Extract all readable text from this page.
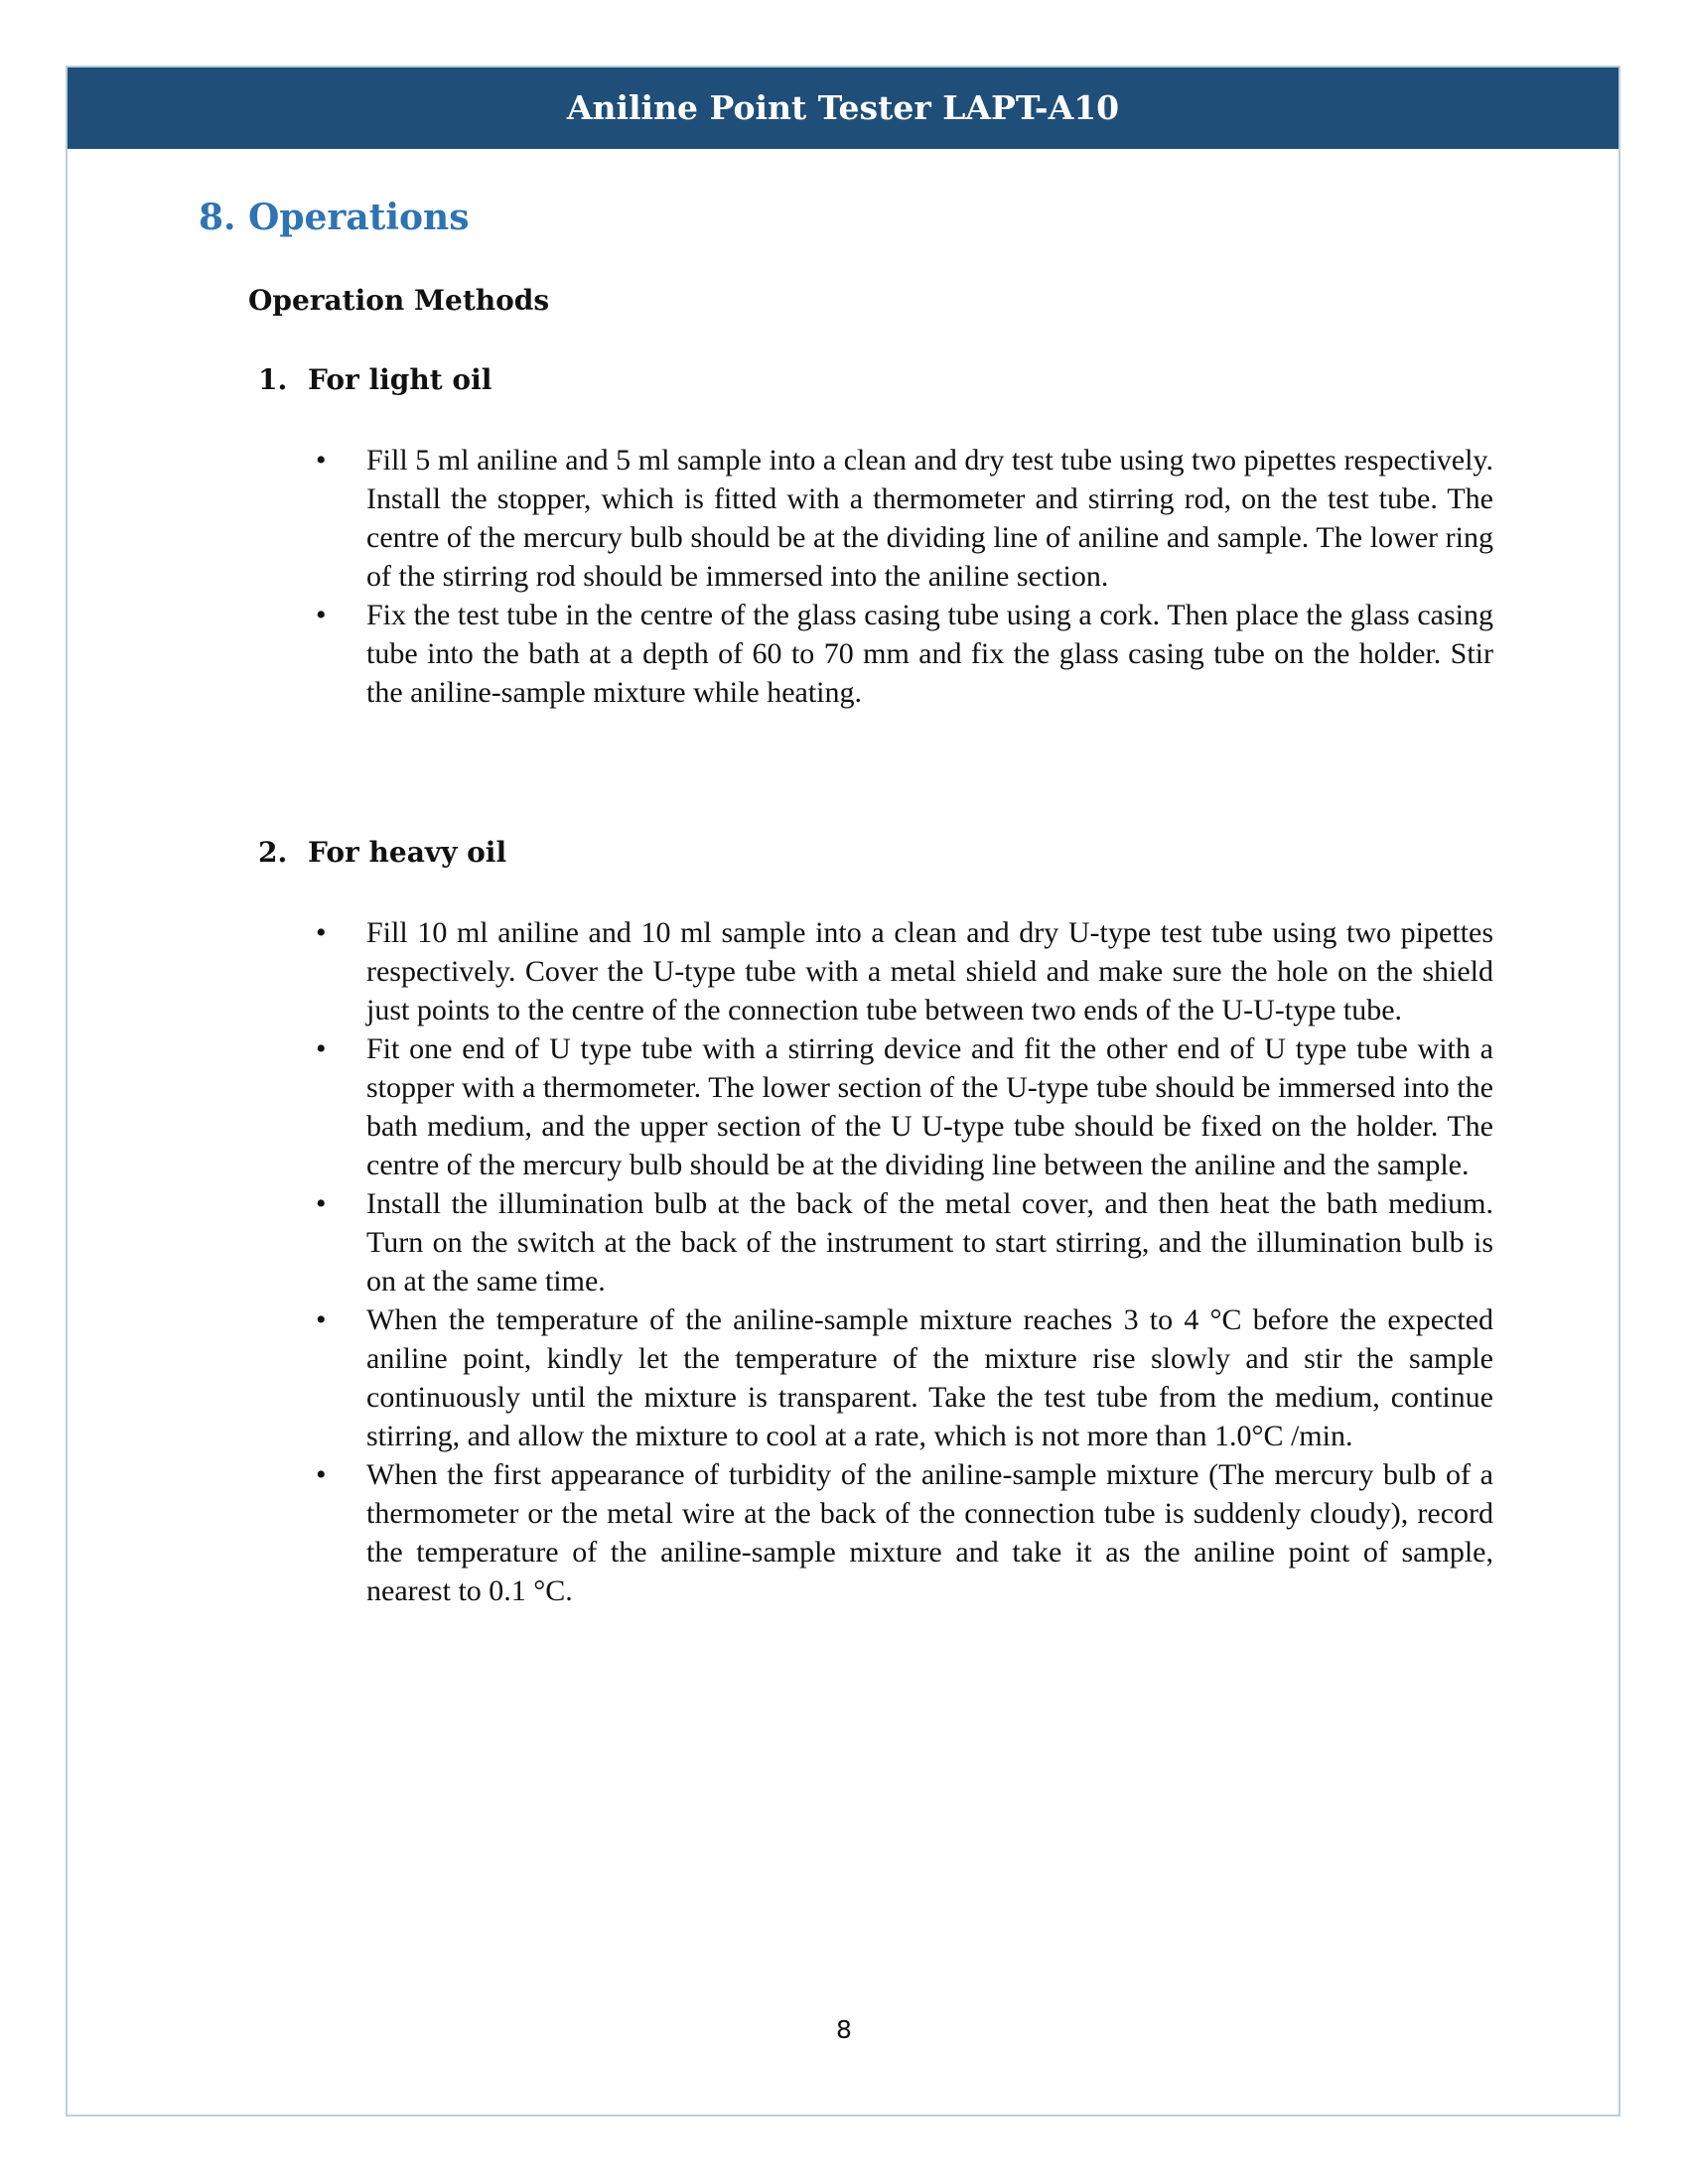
Aniline Point Tester LAPT-A10
8. Operations
Operation Methods
1. For light oil
• Fill 5 ml aniline and 5 ml sample into a clean and dry test tube using two pipettes respectively. Install the stopper, which is fitted with a thermometer and stirring rod, on the test tube. The centre of the mercury bulb should be at the dividing line of aniline and sample. The lower ring of the stirring rod should be immersed into the aniline section.
• Fix the test tube in the centre of the glass casing tube using a cork. Then place the glass casing tube into the bath at a depth of 60 to 70 mm and fix the glass casing tube on the holder. Stir the aniline-sample mixture while heating.
2. For heavy oil
• Fill 10 ml aniline and 10 ml sample into a clean and dry U-type test tube using two pipettes respectively. Cover the U-type tube with a metal shield and make sure the hole on the shield just points to the centre of the connection tube between two ends of the U-U-type tube.
• Fit one end of U type tube with a stirring device and fit the other end of U type tube with a stopper with a thermometer. The lower section of the U-type tube should be immersed into the bath medium, and the upper section of the U U-type tube should be fixed on the holder. The centre of the mercury bulb should be at the dividing line between the aniline and the sample.
• Install the illumination bulb at the back of the metal cover, and then heat the bath medium. Turn on the switch at the back of the instrument to start stirring, and the illumination bulb is on at the same time.
• When the temperature of the aniline-sample mixture reaches 3 to 4 °C before the expected aniline point, kindly let the temperature of the mixture rise slowly and stir the sample continuously until the mixture is transparent. Take the test tube from the medium, continue stirring, and allow the mixture to cool at a rate, which is not more than 1.0°C /min.
• When the first appearance of turbidity of the aniline-sample mixture (The mercury bulb of a thermometer or the metal wire at the back of the connection tube is suddenly cloudy), record the temperature of the aniline-sample mixture and take it as the aniline point of sample, nearest to 0.1 °C.
8
